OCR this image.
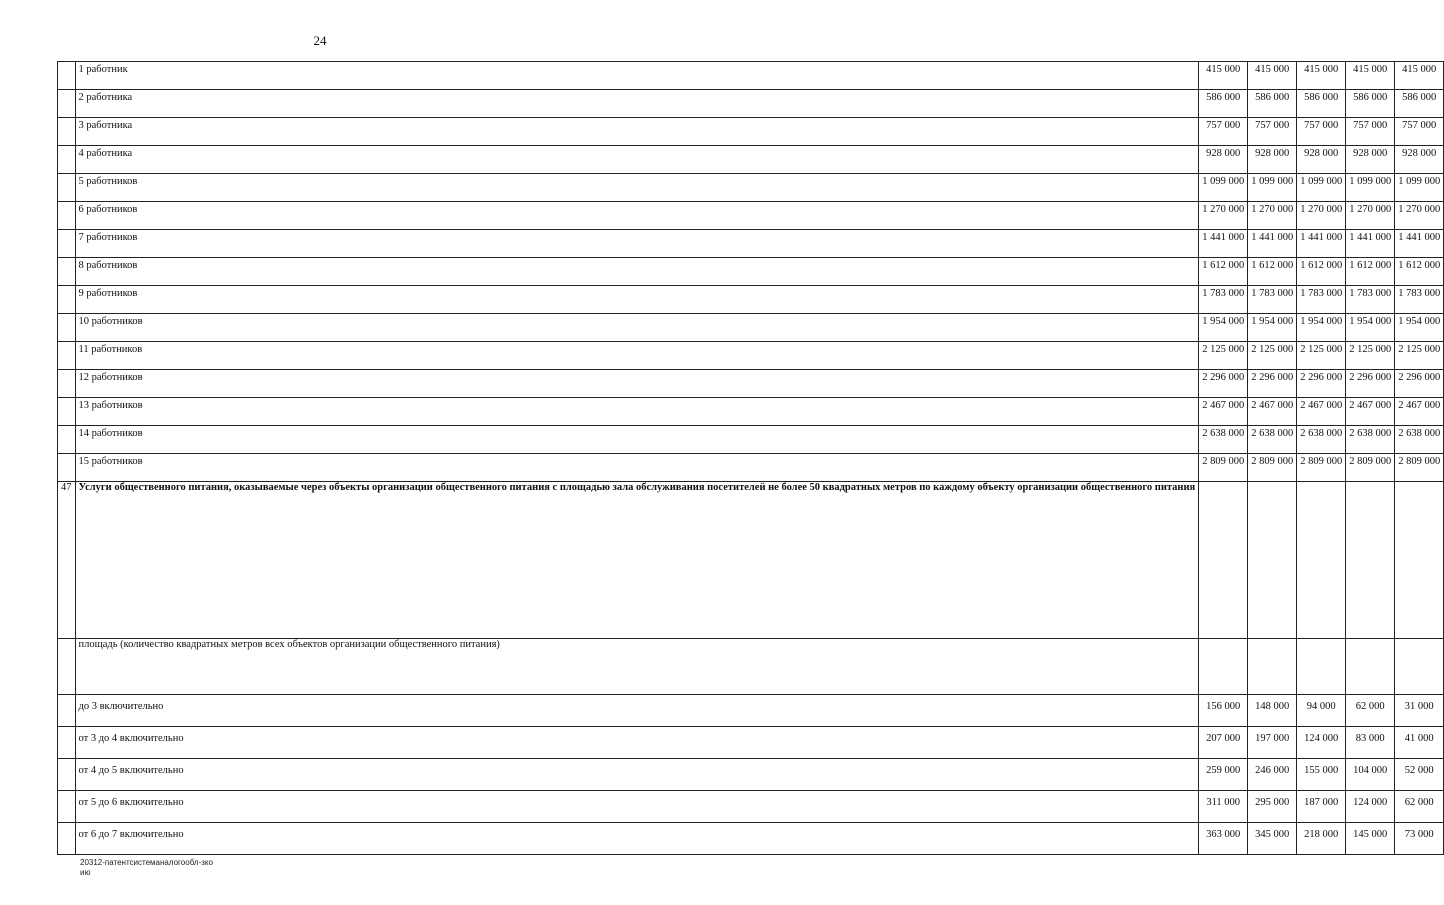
24
	1 работник	415 000	415 000	415 000	415 000	415 000
	2 работника	586 000	586 000	586 000	586 000	586 000
	3 работника	757 000	757 000	757 000	757 000	757 000
	4 работника	928 000	928 000	928 000	928 000	928 000
	5 работников	1 099 000	1 099 000	1 099 000	1 099 000	1 099 000
	6 работников	1 270 000	1 270 000	1 270 000	1 270 000	1 270 000
	7 работников	1 441 000	1 441 000	1 441 000	1 441 000	1 441 000
	8 работников	1 612 000	1 612 000	1 612 000	1 612 000	1 612 000
	9 работников	1 783 000	1 783 000	1 783 000	1 783 000	1 783 000
	10 работников	1 954 000	1 954 000	1 954 000	1 954 000	1 954 000
	11 работников	2 125 000	2 125 000	2 125 000	2 125 000	2 125 000
	12 работников	2 296 000	2 296 000	2 296 000	2 296 000	2 296 000
	13 работников	2 467 000	2 467 000	2 467 000	2 467 000	2 467 000
	14 работников	2 638 000	2 638 000	2 638 000	2 638 000	2 638 000
	15 работников	2 809 000	2 809 000	2 809 000	2 809 000	2 809 000
47	Услуги общественного питания, оказываемые через объекты организации общественного питания с площадью зала обслуживания посетителей не более 50 квадратных метров по каждому объекту организации общественного питания					
	площадь (количество квадратных метров всех объектов организации общественного питания)					
	до 3 включительно	156 000	148 000	94 000	62 000	31 000
	от 3 до 4 включительно	207 000	197 000	124 000	83 000	41 000
	от 4 до 5 включительно	259 000	246 000	155 000	104 000	52 000
	от 5 до 6 включительно	311 000	295 000	187 000	124 000	62 000
	от 6 до 7 включительно	363 000	345 000	218 000	145 000	73 000
20312-патентсистеманалогообл-зко
ию
